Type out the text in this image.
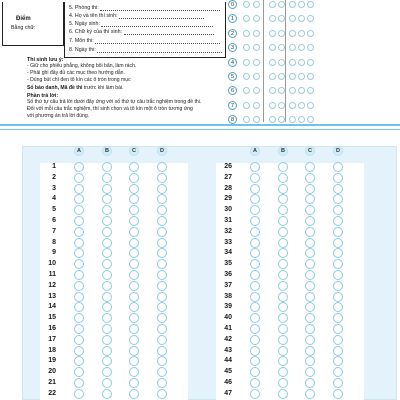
Điểm
Bằng chữ:
5. Phòng thi:
4. Họ và tên thí sinh:
5. Ngày sinh:
6. Chữ ký của thí sinh:
7. Môn thi:
8. Ngày thi:
0
1
2
3
4
5
6
7
8
Thí sinh lưu ý:
- Giữ cho phiếu phẳng, không bôi bẩn, làm rách.
- Phải ghi đầy đủ các mục theo hướng dẫn.
- Dùng bút chì đen tô kín các ô tròn trong mục
Số báo danh, Mã đề thi trước khi làm bài.
Phần trả lời:
Số thứ tự câu trả lời dưới đây ứng với số thứ tự câu trắc nghiệm trong đề thi.
Đối với mỗi câu trắc nghiệm, thí sinh chọn và tô kín một ô tròn tương ứng
với phương án trả lời đúng.
A	B	C	D
1
2
3
4
5
6
7
8
9
10
11
12
13
14
15
16
17
18
19
20
21
22
A	B	C	D
26
27
28
29
30
31
32
33
34
35
36
37
38
39
40
41
42
43
44
45
46
47
